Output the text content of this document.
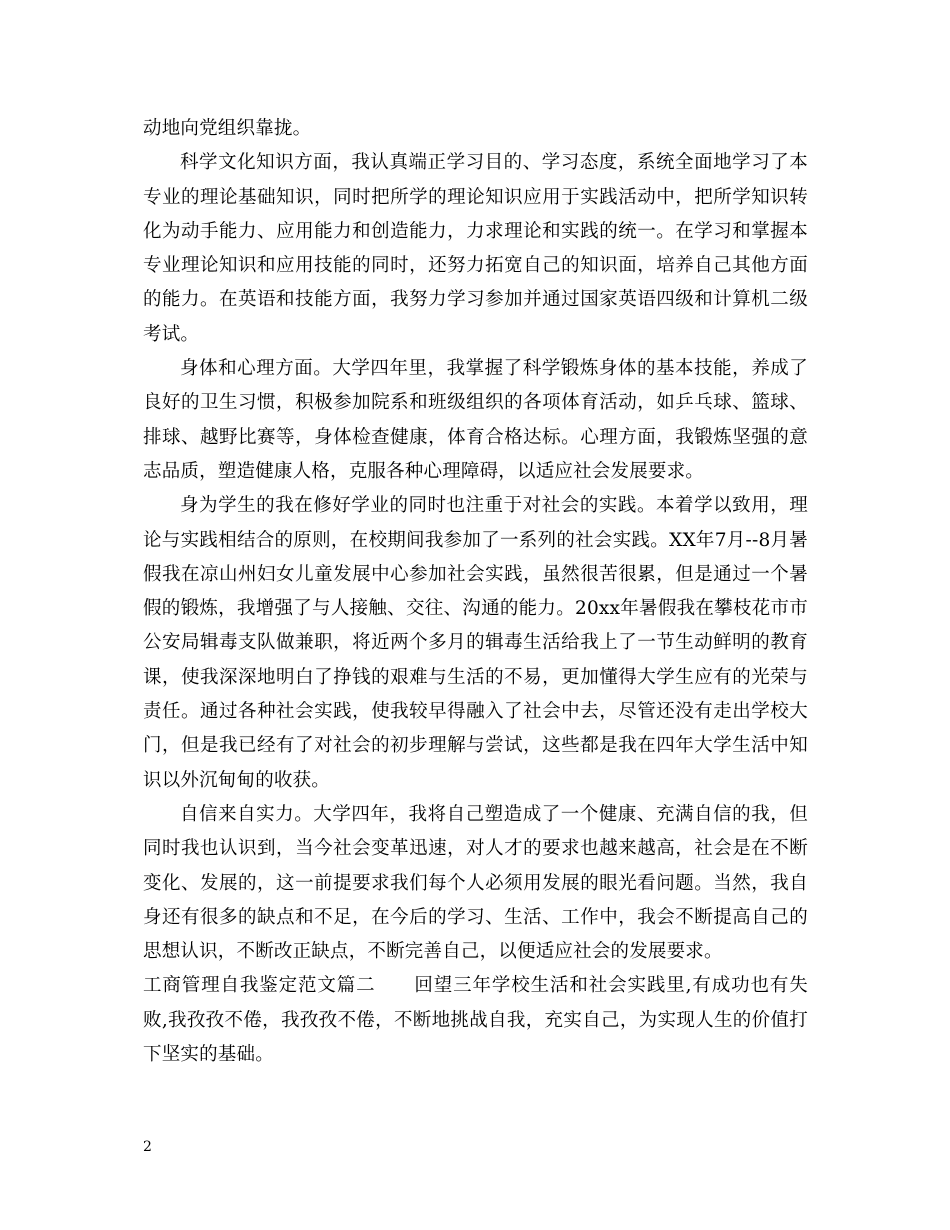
动地向党组织靠拢。

科学文化知识方面，我认真端正学习目的、学习态度，系统全面地学习了本专业的理论基础知识，同时把所学的理论知识应用于实践活动中，把所学知识转化为动手能力、应用能力和创造能力，力求理论和实践的统一。在学习和掌握本专业理论知识和应用技能的同时，还努力拓宽自己的知识面，培养自己其他方面的能力。在英语和技能方面，我努力学习参加并通过国家英语四级和计算机二级考试。

身体和心理方面。大学四年里，我掌握了科学锻炼身体的基本技能，养成了良好的卫生习惯，积极参加院系和班级组织的各项体育活动，如乒乓球、篮球、排球、越野比赛等，身体检查健康，体育合格达标。心理方面，我锻炼坚强的意志品质，塑造健康人格，克服各种心理障碍，以适应社会发展要求。

身为学生的我在修好学业的同时也注重于对社会的实践。本着学以致用，理论与实践相结合的原则，在校期间我参加了一系列的社会实践。XX年7月--8月暑假我在凉山州妇女儿童发展中心参加社会实践，虽然很苦很累，但是通过一个暑假的锻炼，我增强了与人接触、交往、沟通的能力。20xx年暑假我在攀枝花市市公安局辑毒支队做兼职，将近两个多月的辑毒生活给我上了一节生动鲜明的教育课，使我深深地明白了挣钱的艰难与生活的不易，更加懂得大学生应有的光荣与责任。通过各种社会实践，使我较早得融入了社会中去，尽管还没有走出学校大门，但是我已经有了对社会的初步理解与尝试，这些都是我在四年大学生活中知识以外沉甸甸的收获。

自信来自实力。大学四年，我将自己塑造成了一个健康、充满自信的我，但同时我也认识到，当今社会变革迅速，对人才的要求也越来越高，社会是在不断变化、发展的，这一前提要求我们每个人必须用发展的眼光看问题。当然，我自身还有很多的缺点和不足，在今后的学习、生活、工作中，我会不断提高自己的思想认识，不断改正缺点，不断完善自己，以便适应社会的发展要求。

工商管理自我鉴定范文篇二　　回望三年学校生活和社会实践里,有成功也有失败,我孜孜不倦，我孜孜不倦，不断地挑战自我，充实自己，为实现人生的价值打下坚实的基础。

2
